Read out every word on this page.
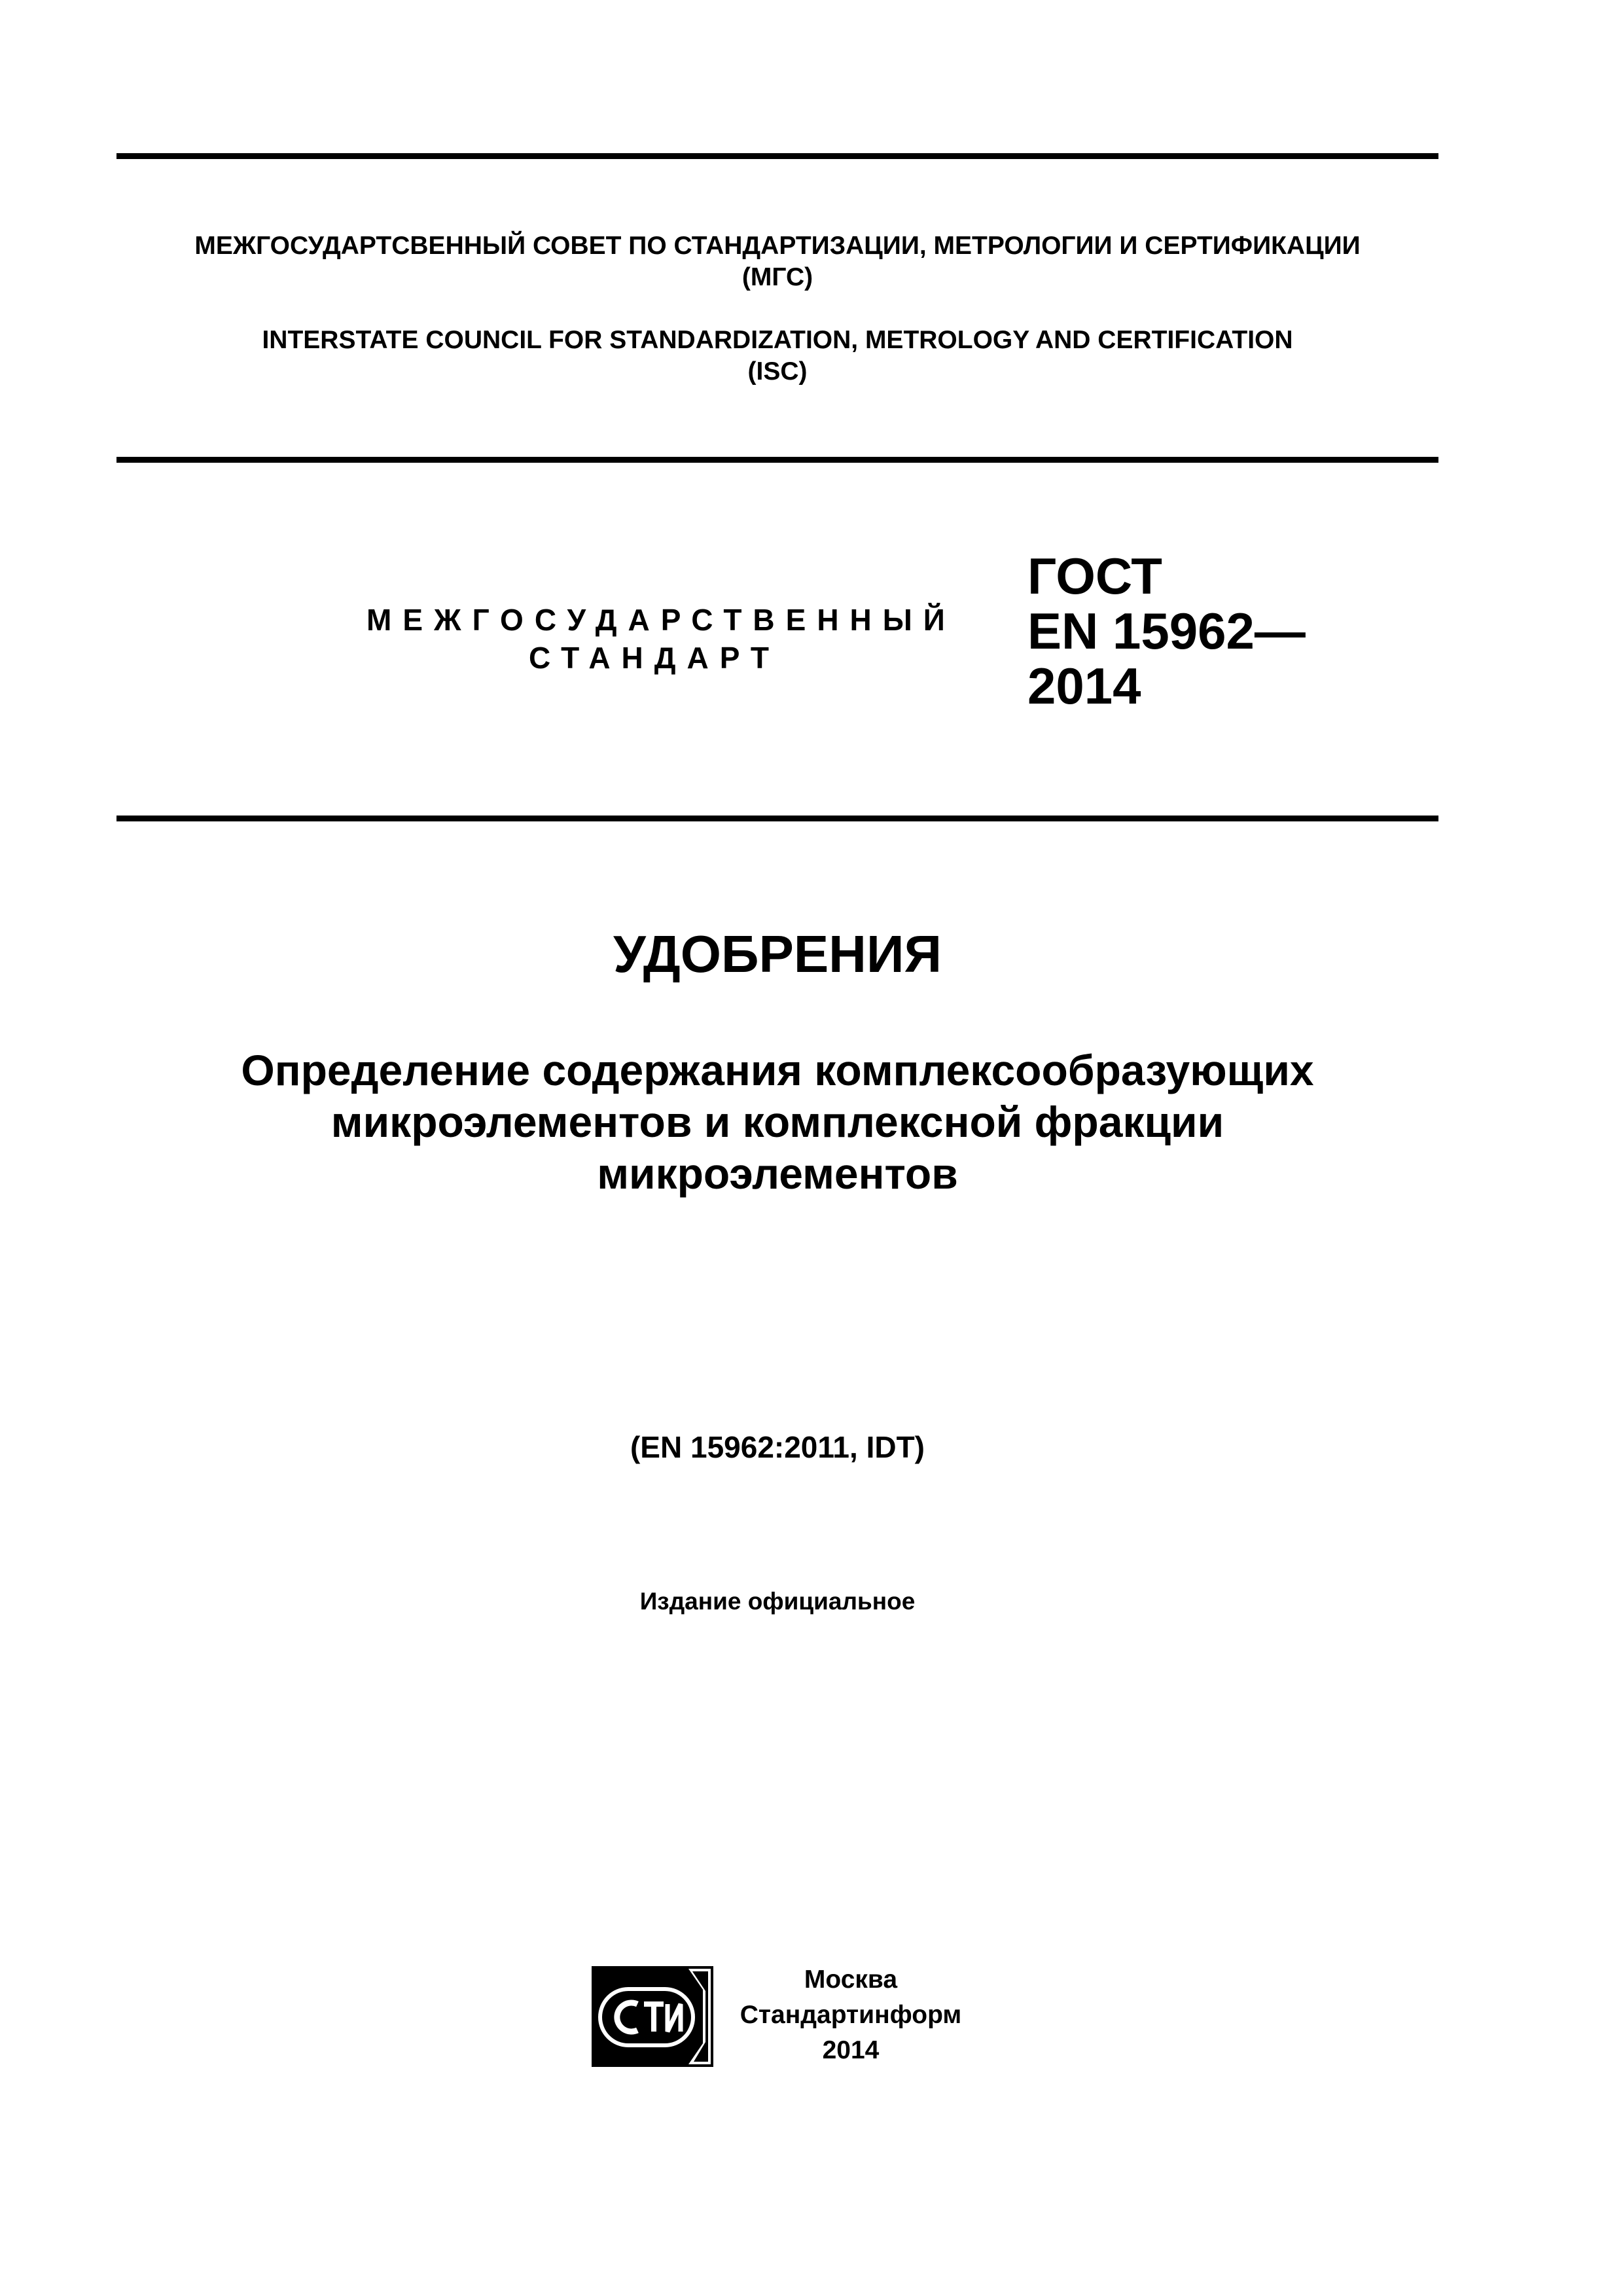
МЕЖГОСУДАРТСВЕННЫЙ СОВЕТ ПО СТАНДАРТИЗАЦИИ, МЕТРОЛОГИИ И СЕРТИФИКАЦИИ
(МГС)
INTERSTATE COUNCIL FOR STANDARDIZATION, METROLOGY AND CERTIFICATION
(ISC)
МЕЖГОСУДАРСТВЕННЫЙ
СТАНДАРТ
ГОСТ
EN 15962—
2014
УДОБРЕНИЯ
Определение содержания комплексообразующих
микроэлементов и комплексной фракции
микроэлементов
(EN 15962:2011, IDT)
Издание официальное
Москва
Стандартинформ
2014
